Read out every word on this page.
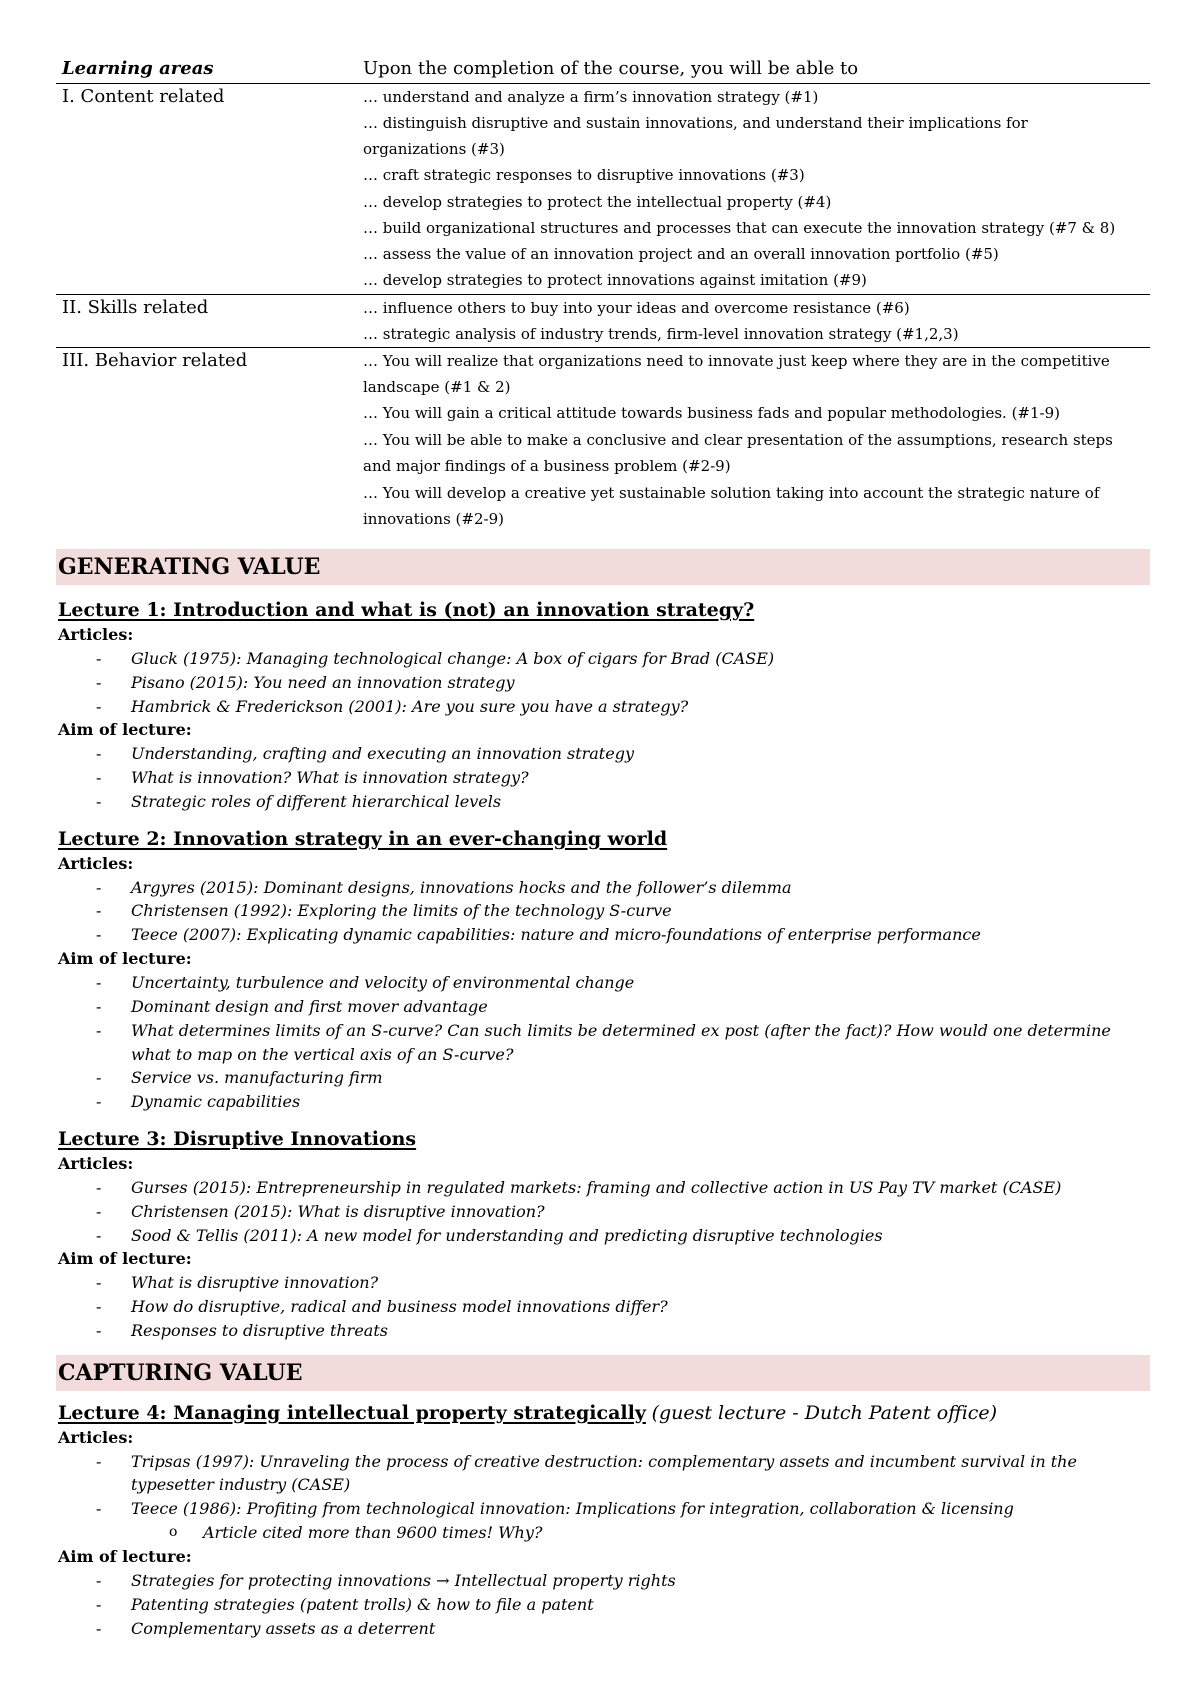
Learning areas	Upon the completion of the course, you will be able to
I. Content related	… understand and analyze a firm’s innovation strategy (#1)
… distinguish disruptive and sustain innovations, and understand their implications for
organizations (#3)
… craft strategic responses to disruptive innovations (#3)
… develop strategies to protect the intellectual property (#4)
… build organizational structures and processes that can execute the innovation strategy (#7 & 8)
… assess the value of an innovation project and an overall innovation portfolio (#5)
… develop strategies to protect innovations against imitation (#9)
II. Skills related	… influence others to buy into your ideas and overcome resistance (#6)
… strategic analysis of industry trends, firm-level innovation strategy (#1,2,3)
III. Behavior related	… You will realize that organizations need to innovate just keep where they are in the competitive
landscape (#1 & 2)
… You will gain a critical attitude towards business fads and popular methodologies. (#1-9)
… You will be able to make a conclusive and clear presentation of the assumptions, research steps
and major findings of a business problem (#2-9)
… You will develop a creative yet sustainable solution taking into account the strategic nature of
innovations (#2-9)
GENERATING VALUE
Lecture 1: Introduction and what is (not) an innovation strategy?
Articles:
- Gluck (1975): Managing technological change: A box of cigars for Brad (CASE)
- Pisano (2015): You need an innovation strategy
- Hambrick & Frederickson (2001): Are you sure you have a strategy?
Aim of lecture:
- Understanding, crafting and executing an innovation strategy
- What is innovation? What is innovation strategy?
- Strategic roles of different hierarchical levels
Lecture 2: Innovation strategy in an ever-changing world
Articles:
- Argyres (2015): Dominant designs, innovations hocks and the follower’s dilemma
- Christensen (1992): Exploring the limits of the technology S-curve
- Teece (2007): Explicating dynamic capabilities: nature and micro-foundations of enterprise performance
Aim of lecture:
- Uncertainty, turbulence and velocity of environmental change
- Dominant design and first mover advantage
- What determines limits of an S-curve? Can such limits be determined ex post (after the fact)? How would one determine
what to map on the vertical axis of an S-curve?
- Service vs. manufacturing firm
- Dynamic capabilities
Lecture 3: Disruptive Innovations
Articles:
- Gurses (2015): Entrepreneurship in regulated markets: framing and collective action in US Pay TV market (CASE)
- Christensen (2015): What is disruptive innovation?
- Sood & Tellis (2011): A new model for understanding and predicting disruptive technologies
Aim of lecture:
- What is disruptive innovation?
- How do disruptive, radical and business model innovations differ?
- Responses to disruptive threats
CAPTURING VALUE
Lecture 4: Managing intellectual property strategically (guest lecture - Dutch Patent office)
Articles:
- Tripsas (1997): Unraveling the process of creative destruction: complementary assets and incumbent survival in the
typesetter industry (CASE)
- Teece (1986): Profiting from technological innovation: Implications for integration, collaboration & licensing
o Article cited more than 9600 times! Why?
Aim of lecture:
- Strategies for protecting innovations → Intellectual property rights
- Patenting strategies (patent trolls) & how to file a patent
- Complementary assets as a deterrent
